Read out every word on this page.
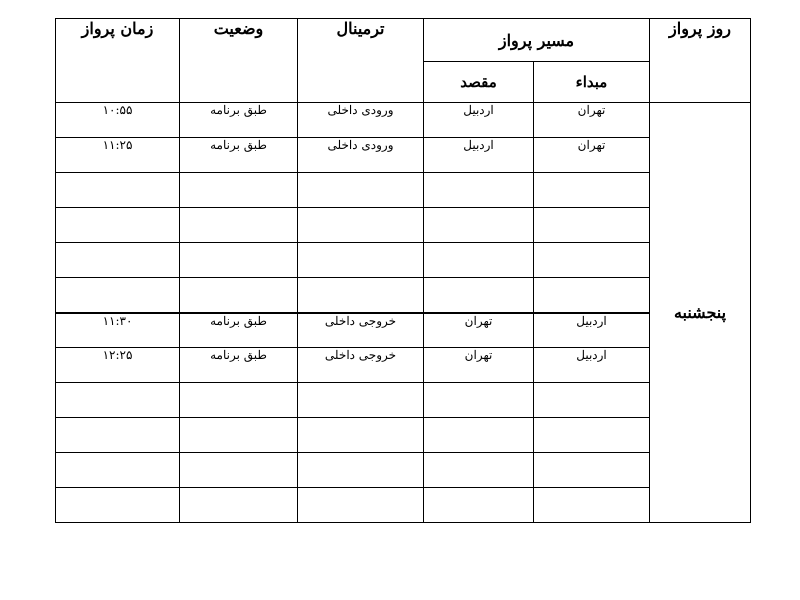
روز پرواز	مسیر پرواز		ترمینال	وضعیت	زمان پرواز
	مبداء	مقصد			
پنجشنبه	تهران	اردبیل	ورودی داخلی	طبق برنامه	۱۰:۵۵
	تهران	اردبیل	ورودی داخلی	طبق برنامه	۱۱:۲۵

	اردبیل	تهران	خروجی داخلی	طبق برنامه	۱۱:۳۰
	اردبیل	تهران	خروجی داخلی	طبق برنامه	۱۲:۲۵
